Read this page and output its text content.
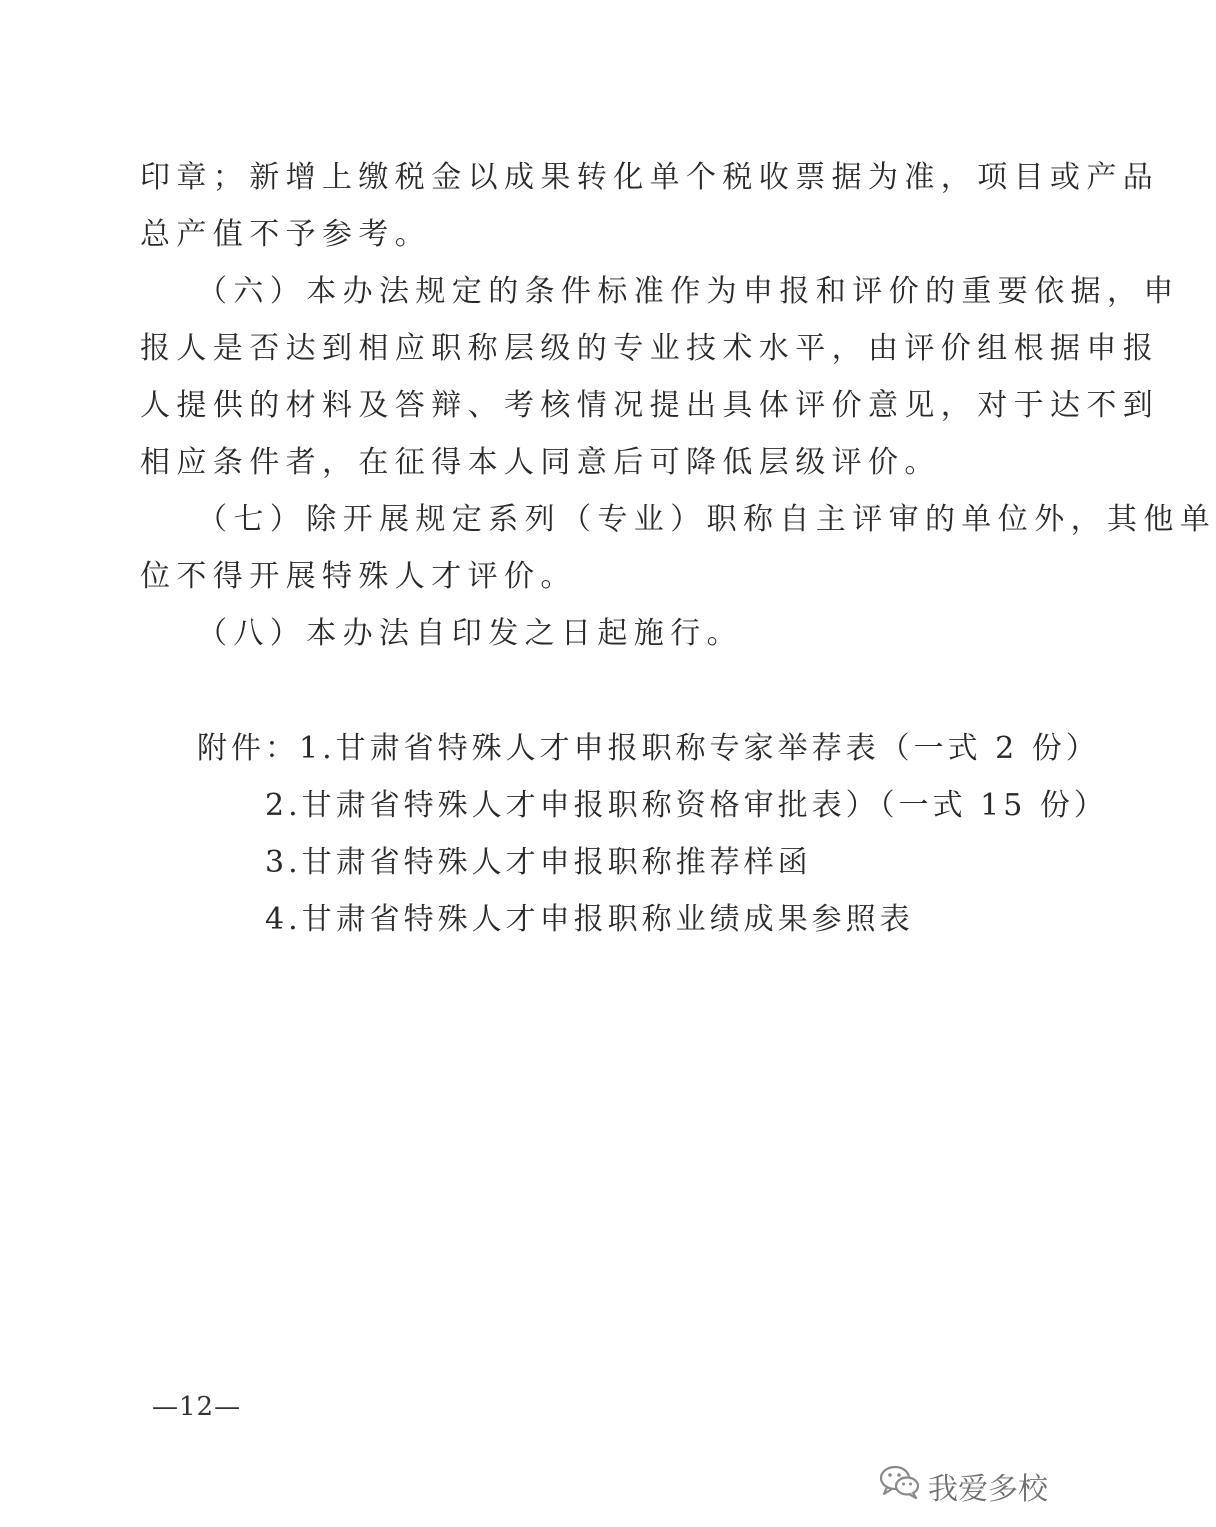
印章；新增上缴税金以成果转化单个税收票据为准，项目或产品
总产值不予参考。
（六）本办法规定的条件标准作为申报和评价的重要依据，申
报人是否达到相应职称层级的专业技术水平，由评价组根据申报
人提供的材料及答辩、考核情况提出具体评价意见，对于达不到
相应条件者，在征得本人同意后可降低层级评价。
（七）除开展规定系列（专业）职称自主评审的单位外，其他单
位不得开展特殊人才评价。
（八）本办法自印发之日起施行。
附件：1.甘肃省特殊人才申报职称专家举荐表（一式 2 份）
2.甘肃省特殊人才申报职称资格审批表）（一式 15 份）
3.甘肃省特殊人才申报职称推荐样函
4.甘肃省特殊人才申报职称业绩成果参照表
—12—
我爱多校
